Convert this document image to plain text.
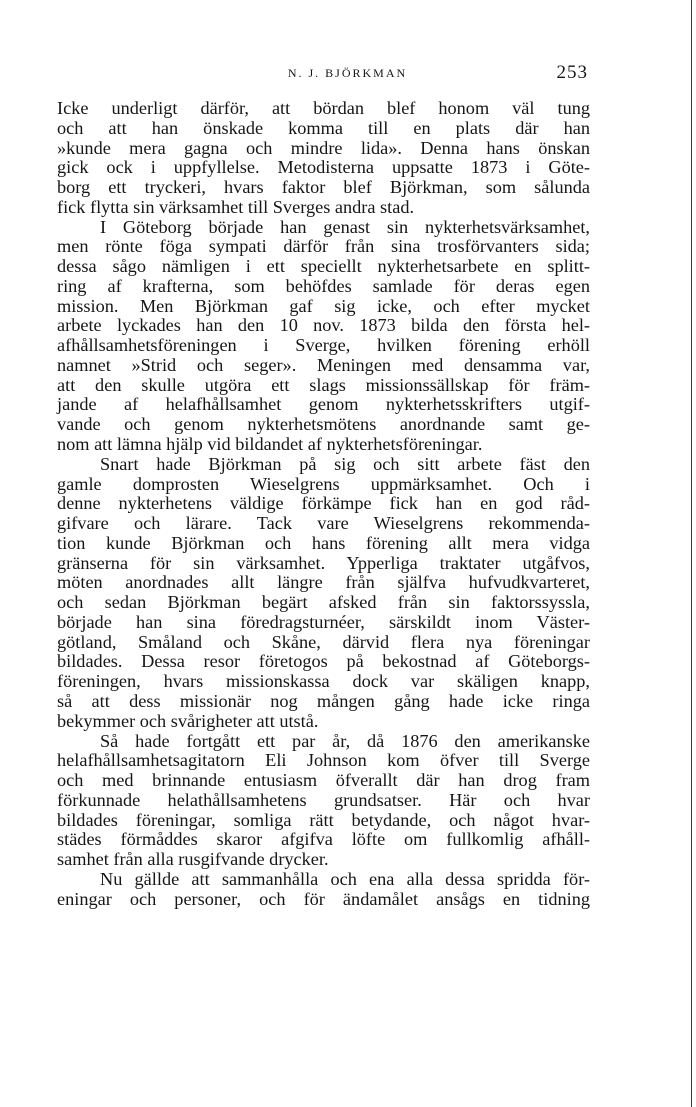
N. J. BJÖRKMAN	253
Icke underligt därför, att bördan blef honom väl tung
och att han önskade komma till en plats där han
»kunde mera gagna och mindre lida». Denna hans önskan
gick ock i uppfyllelse. Metodisterna uppsatte 1873 i Göte-
borg ett tryckeri, hvars faktor blef Björkman, som sålunda
fick flytta sin värksamhet till Sverges andra stad.
I Göteborg började han genast sin nykterhetsvärksamhet,
men rönte föga sympati därför från sina trosförvanters sida;
dessa sågo nämligen i ett speciellt nykterhetsarbete en splitt-
ring af krafterna, som behöfdes samlade för deras egen
mission. Men Björkman gaf sig icke, och efter mycket
arbete lyckades han den 10 nov. 1873 bilda den första hel-
afhållsamhetsföreningen i Sverge, hvilken förening erhöll
namnet »Strid och seger». Meningen med densamma var,
att den skulle utgöra ett slags missionssällskap för främ-
jande af helafhållsamhet genom nykterhetsskrifters utgif-
vande och genom nykterhetsmötens anordnande samt ge-
nom att lämna hjälp vid bildandet af nykterhetsföreningar.
Snart hade Björkman på sig och sitt arbete fäst den
gamle domprosten Wieselgrens uppmärksamhet. Och i
denne nykterhetens väldige förkämpe fick han en god råd-
gifvare och lärare. Tack vare Wieselgrens rekommenda-
tion kunde Björkman och hans förening allt mera vidga
gränserna för sin värksamhet. Ypperliga traktater utgåfvos,
möten anordnades allt längre från själfva hufvudkvarteret,
och sedan Björkman begärt afsked från sin faktorssyssla,
började han sina föredragsturnéer, särskildt inom Väster-
götland, Småland och Skåne, därvid flera nya föreningar
bildades. Dessa resor företogos på bekostnad af Göteborgs-
föreningen, hvars missionskassa dock var skäligen knapp,
så att dess missionär nog mången gång hade icke ringa
bekymmer och svårigheter att utstå.
Så hade fortgått ett par år, då 1876 den amerikanske
helafhållsamhetsagitatorn Eli Johnson kom öfver till Sverge
och med brinnande entusiasm öfverallt där han drog fram
förkunnade helathållsamhetens grundsatser. Här och hvar
bildades föreningar, somliga rätt betydande, och något hvar-
städes förmåddes skaror afgifva löfte om fullkomlig afhåll-
samhet från alla rusgifvande drycker.
Nu gällde att sammanhålla och ena alla dessa spridda för-
eningar och personer, och för ändamålet ansågs en tidning
